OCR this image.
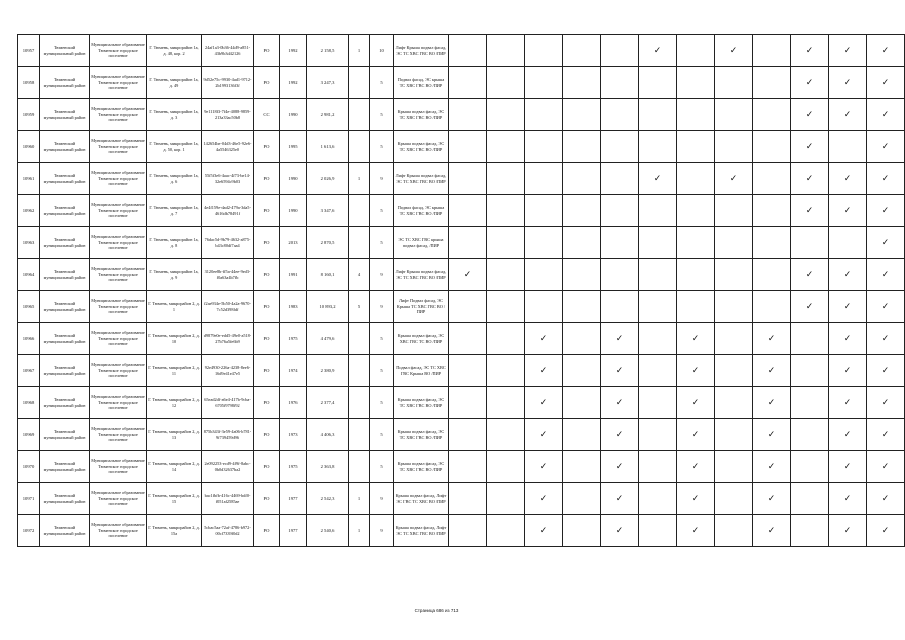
10957	Тюменский муниципальный район	Муниципальное образование Тюменское городское поселение	Г. Тюмень, микрорайон 1а, д. 48, кор. 2	24af1a3-0b36-44d9-a851-43b9b3d42126	РО	1992	2 158,5	1	10	Лифт Крыша подвал фасад, ЭС ТС ХВС ГВС ВО /ПИР						✓		✓		✓	✓	✓
10958	Тюменский муниципальный район	Муниципальное образование Тюменское городское поселение	Г. Тюмень, микрорайон 1а, д. 49	9d52e75c-9930-4ad1-9712-2b1993136f3f	РО	1992	3 247,3		5	Подвал фасад, ЭС крыша ТС ХВС ГВС ВО /ПИР										✓	✓	✓
10959	Тюменский муниципальный район	Муниципальное образование Тюменское городское поселение	Г. Тюмень, микрорайон 1а, д. 3	9e1118f3-7f4e-4088-9859-213a33ac50b8	СС	1990	2 981,2		5	Крыша подвал фасад, ЭС ТС ХВС ГВС ВО /ПИР										✓	✓	✓
10960	Тюменский муниципальный район	Муниципальное образование Тюменское городское поселение	Г. Тюмень, микрорайон 1а, д. 50, кор. 1	142654be-04d3-46e5-92e6-4a5546325e0	РО	1995	1 613,6		5	Крыша подвал фасад, ЭС ТС ХВС ГВС ВО /ПИР										✓		✓
10961	Тюменский муниципальный район	Муниципальное образование Тюменское городское поселение	Г. Тюмень, микрорайон 1а, д. 6	55f5f3e6-4aac-4f73-be14-32e6594c9b03	РО	1990	2 026,9	1	9	Лифт Крыша подвал фасад, ЭС ТС ХВС ГВС ВО /ПИР						✓		✓		✓	✓	✓
10962	Тюменский муниципальный район	Муниципальное образование Тюменское городское поселение	Г. Тюмень, микрорайон 1а, д. 7	4e4f159e-dad2-479a-3da5-4616db78491f	РО	1990	3 347,6		5	Подвал фасад, ЭС крыша ТС ХВС ГВС ВО /ПИР										✓	✓	✓
10963	Тюменский муниципальный район	Муниципальное образование Тюменское городское поселение	Г. Тюмень, микрорайон 1а, д. 8	76dac5d-9b79-4632-a875-b43c80df7aa4	РО	2013	2 870,5		5	ЭС ТС ХВС ГВС крыша подвал фасад, /ПИР												✓
10964	Тюменский муниципальный район	Муниципальное образование Тюменское городское поселение	Г. Тюмень, микрорайон 1а, д. 9	3120ee8b-ff5a-44ee-9ed3-f0a63a4b7fb	РО	1991	8 160,1	4	9	Лифт Крыша подвал фасад, ЭС ТС ХВС ГВС ВО /ПИР	✓									✓	✓	✓
10965	Тюменский муниципальный район	Муниципальное образование Тюменское городское поселение	Г. Тюмень, микрорайон 2, д. 1	f2ae934e-5b50-4a2a-9670-7c52d398fdf	РО	1983	10 893,2	5	9	Лифт Подвал фасад, ЭС Крыша ТС ХВС ГВС ВО /ПИР										✓	✓	✓
10966	Тюменский муниципальный район	Муниципальное образование Тюменское городское поселение	Г. Тюмень, микрорайон 2, д. 10	d9879e0e-edd5-49e0-a518-27b76a5fe6b9	РО	1975	4 479,6		5	Крыша подвал фасад, ЭС ХВС ГВС ТС ВО /ПИР			✓		✓		✓		✓		✓	✓
10967	Тюменский муниципальный район	Муниципальное образование Тюменское городское поселение	Г. Тюмень, микрорайон 2, д. 11	92e4930-226a-4238-8ee6-16d9e41e47e5	РО	1974	2 380,9		5	Подвал фасад, ЭС ТС ХВС ГВС Крыша ВО /ПИР			✓		✓		✓		✓		✓	✓
10968	Тюменский муниципальный район	Муниципальное образование Тюменское городское поселение	Г. Тюмень, микрорайон 2, д. 12	65ead2df-a6e4-417b-9cba-6705f9798f92	РО	1976	2 377,4		5	Крыша подвал фасад, ЭС ТС ХВС ГВС ВО /ПИР			✓		✓		✓		✓		✓	✓
10969	Тюменский муниципальный район	Муниципальное образование Тюменское городское поселение	Г. Тюмень, микрорайон 2, д. 13	875b343f-3e59-4a06-b781-9f739459d96	РО	1973	4 406,3		5	Крыша подвал фасад, ЭС ТС ХВС ГВС ВО /ПИР			✓		✓		✓		✓		✓	✓
10970	Тюменский муниципальный район	Муниципальное образование Тюменское городское поселение	Г. Тюмень, микрорайон 2, д. 14	2e092253-ecd9-4f9f-8abc-0b0d32637ba2	РО	1975	2 363,8		5	Крыша подвал фасад, ЭС ТС ХВС ГВС ВО /ПИР			✓		✓		✓		✓		✓	✓
10971	Тюменский муниципальный район	Муниципальное образование Тюменское городское поселение	Г. Тюмень, микрорайон 2, д. 15	bac1fbfb-416c-4469-bdf0-f051af2585ae	РО	1977	2 542,3	1	9	Крыша подвал фасад, Лифт ЭС ГВС ТС ХВС ВО /ПИР			✓		✓		✓		✓		✓	✓
10972	Тюменский муниципальный район	Муниципальное образование Тюменское городское поселение	Г. Тюмень, микрорайон 2, д. 15а	5cbac5aa-72af-4786-b972-00cf7339f0d2	РО	1977	2 540,6	1	9	Крыша подвал фасад, Лифт ЭС ТС ХВС ГВС ВО /ПИР			✓		✓		✓		✓		✓	✓
Страница 686 из 713
